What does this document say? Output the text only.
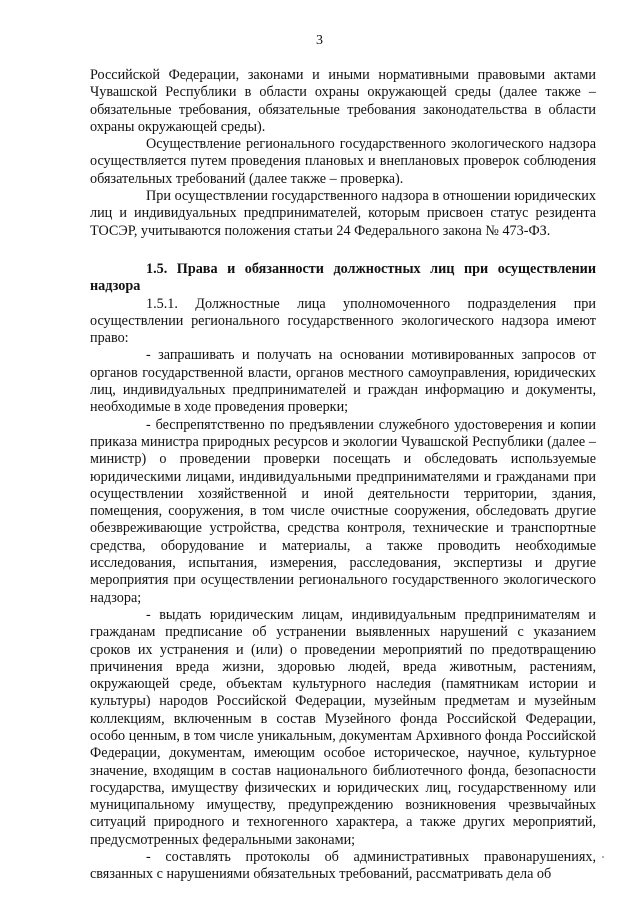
3

Российской Федерации, законами и иными нормативными правовыми актами Чувашской Республики в области охраны окружающей среды (далее также – обязательные требования, обязательные требования законодательства в области охраны окружающей среды).

Осуществление регионального государственного экологического надзора осуществляется путем проведения плановых и внеплановых проверок соблюдения обязательных требований (далее также – проверка).

При осуществлении государственного надзора в отношении юридических лиц и индивидуальных предпринимателей, которым присвоен статус резидента ТОСЭР, учитываются положения статьи 24 Федерального закона № 473-ФЗ.

1.5. Права и обязанности должностных лиц при осуществлении надзора

1.5.1. Должностные лица уполномоченного подразделения при осуществлении регионального государственного экологического надзора имеют право:

- запрашивать и получать на основании мотивированных запросов от органов государственной власти, органов местного самоуправления, юридических лиц, индивидуальных предпринимателей и граждан информацию и документы, необходимые в ходе проведения проверки;

- беспрепятственно по предъявлении служебного удостоверения и копии приказа министра природных ресурсов и экологии Чувашской Республики (далее – министр) о проведении проверки посещать и обследовать используемые юридическими лицами, индивидуальными предпринимателями и гражданами при осуществлении хозяйственной и иной деятельности территории, здания, помещения, сооружения, в том числе очистные сооружения, обследовать другие обезвреживающие устройства, средства контроля, технические и транспортные средства, оборудование и материалы, а также проводить необходимые исследования, испытания, измерения, расследования, экспертизы и другие мероприятия при осуществлении регионального государственного экологического надзора;

- выдать юридическим лицам, индивидуальным предпринимателям и гражданам предписание об устранении выявленных нарушений с указанием сроков их устранения и (или) о проведении мероприятий по предотвращению причинения вреда жизни, здоровью людей, вреда животным, растениям, окружающей среде, объектам культурного наследия (памятникам истории и культуры) народов Российской Федерации, музейным предметам и музейным коллекциям, включенным в состав Музейного фонда Российской Федерации, особо ценным, в том числе уникальным, документам Архивного фонда Российской Федерации, документам, имеющим особое историческое, научное, культурное значение, входящим в состав национального библиотечного фонда, безопасности государства, имуществу физических и юридических лиц, государственному или муниципальному имуществу, предупреждению возникновения чрезвычайных ситуаций природного и техногенного характера, а также других мероприятий, предусмотренных федеральными законами;

- составлять протоколы об административных правонарушениях, связанных с нарушениями обязательных требований, рассматривать дела об
